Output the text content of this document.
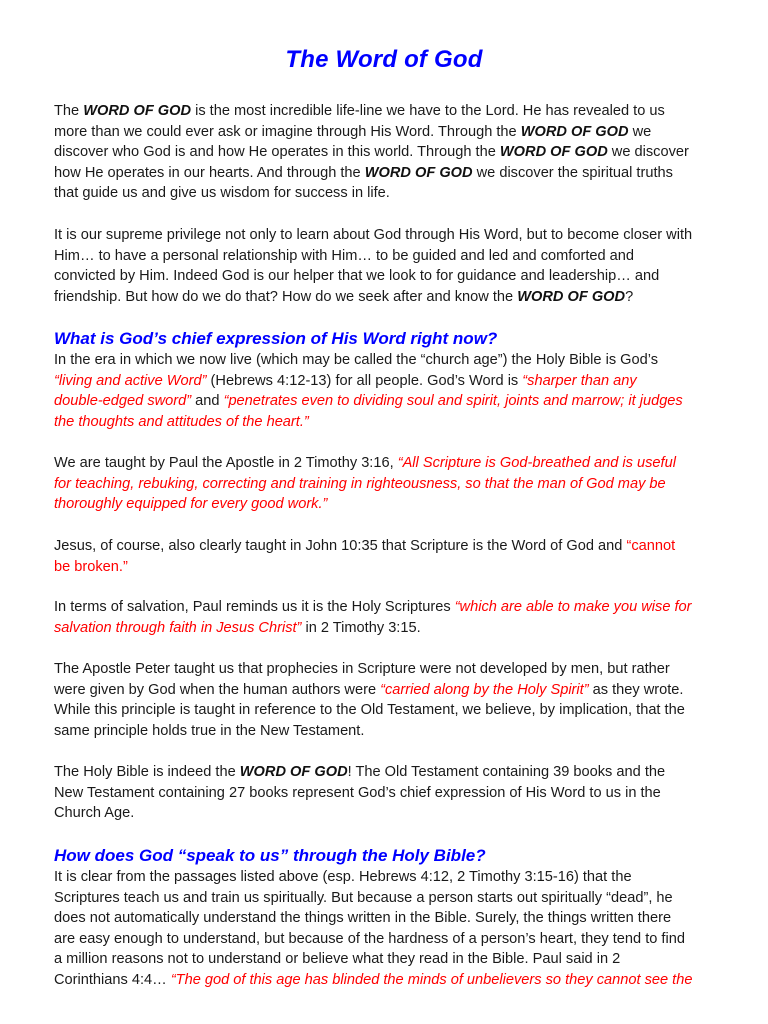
The Word of God
The WORD OF GOD is the most incredible life-line we have to the Lord. He has revealed to us
more than we could ever ask or imagine through His Word. Through the WORD OF GOD we
discover who God is and how He operates in this world. Through the WORD OF GOD we discover
how He operates in our hearts. And through the WORD OF GOD we discover the spiritual truths
that guide us and give us wisdom for success in life.
It is our supreme privilege not only to learn about God through His Word, but to become closer with
Him… to have a personal relationship with Him… to be guided and led and comforted and
convicted by Him. Indeed God is our helper that we look to for guidance and leadership… and
friendship. But how do we do that? How do we seek after and know the WORD OF GOD?
What is God’s chief expression of His Word right now?
In the era in which we now live (which may be called the “church age”) the Holy Bible is God’s
“living and active Word” (Hebrews 4:12-13) for all people. God’s Word is “sharper than any
double-edged sword” and “penetrates even to dividing soul and spirit, joints and marrow; it judges
the thoughts and attitudes of the heart.”
We are taught by Paul the Apostle in 2 Timothy 3:16, “All Scripture is God-breathed and is useful
for teaching, rebuking, correcting and training in righteousness, so that the man of God may be
thoroughly equipped for every good work.”
Jesus, of course, also clearly taught in John 10:35 that Scripture is the Word of God and “cannot
be broken.”
In terms of salvation, Paul reminds us it is the Holy Scriptures “which are able to make you wise for
salvation through faith in Jesus Christ” in 2 Timothy 3:15.
The Apostle Peter taught us that prophecies in Scripture were not developed by men, but rather
were given by God when the human authors were “carried along by the Holy Spirit” as they wrote.
While this principle is taught in reference to the Old Testament, we believe, by implication, that the
same principle holds true in the New Testament.
The Holy Bible is indeed the WORD OF GOD! The Old Testament containing 39 books and the
New Testament containing 27 books represent God’s chief expression of His Word to us in the
Church Age.
How does God “speak to us” through the Holy Bible?
It is clear from the passages listed above (esp. Hebrews 4:12, 2 Timothy 3:15-16) that the
Scriptures teach us and train us spiritually. But because a person starts out spiritually “dead”, he
does not automatically understand the things written in the Bible. Surely, the things written there
are easy enough to understand, but because of the hardness of a person’s heart, they tend to find
a million reasons not to understand or believe what they read in the Bible. Paul said in 2
Corinthians 4:4… “The god of this age has blinded the minds of unbelievers so they cannot see the
